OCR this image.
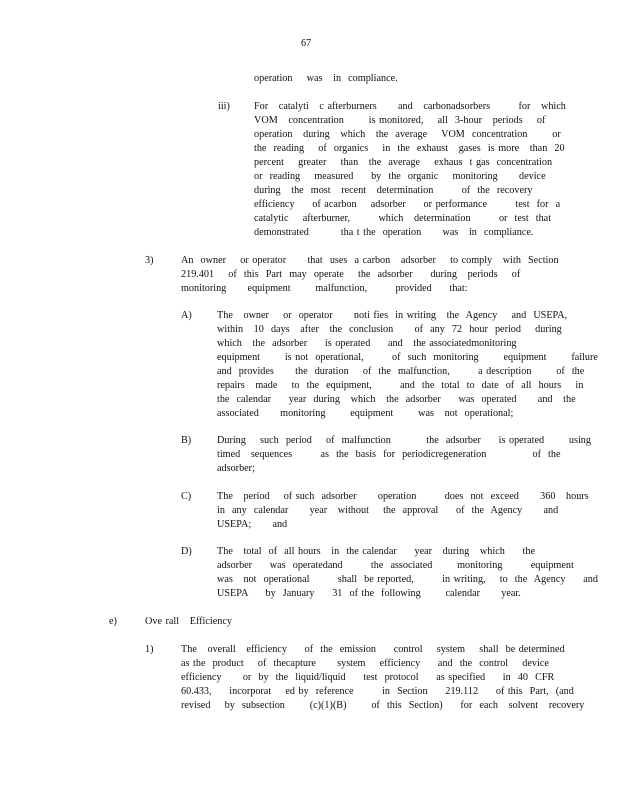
67
operation    was   in  compliance.
iii) For   catalyti   c afterburners      and   carbonadsorbers        for   which
VOM   concentration       is monitored,    all  3-hour   periods    of
operation   during   which   the  average    VOM  concentration       or
the  reading    of  organics    in  the  exhaust   gases  is more   than  20
percent    greater    than   the  average    exhaus  t gas  concentration
or  reading    measured     by  the  organic    monitoring      device
during   the  most   recent   determination        of  the  recovery
efficiency     of acarbon    adsorber     or performance        test  for  a
catalytic    afterburner,        which   determination        or  test  that
demonstrated         tha t the  operation      was   in  compliance.
3)	An  owner    or operator      that  uses  a carbon   adsorber    to comply   with  Section
219.401    of  this  Part  may  operate    the  adsorber     during   periods    of
monitoring      equipment       malfunction,        provided     that:
A) The   owner    or  operator      noti fies  in writing   the  Agency    and  USEPA,
within   10  days   after   the  conclusion      of  any  72  hour  period    during
which   the  adsorber     is operated     and   the associatedmonitoring
equipment       is not  operational,        of  such  monitoring       equipment       failure
and  provides      the  duration    of  the  malfunction,        a description       of  the
repairs   made    to  the  equipment,        and  the  total  to  date  of  all  hours    in
the  calendar     year  during   which   the  adsorber     was  operated      and   the
associated      monitoring       equipment       was   not  operational;
B)	During    such  period    of  malfunction          the  adsorber     is operated       using
timed   sequences        as  the  basis  for  periodicregeneration             of  the
adsorber;
C)	The   period    of such  adsorber      operation        does  not  exceed      360   hours
in  any  calendar      year   without    the  approval     of  the  Agency      and
USEPA;      and
D) The   total  of  all hours   in  the calendar     year   during   which     the
adsorber     was  operatedand        the  associated       monitoring        equipment
was   not  operational        shall  be reported,        in writing,    to  the  Agency     and
USEPA     by  January     31  of the  following       calendar      year.
e)	Ove rall   Efficiency
1)	The   overall   efficiency     of  the  emission     control    system    shall  be determined
as the  product    of  thecapture      system    efficiency     and  the  control    device
efficiency      or  by  the  liquid/liquid     test  protocol     as specified     in  40  CFR
60.433,     incorporat    ed by  reference        in  Section     219.112     of this  Part,  (and
revised    by  subsection       (c)(1)(B)       of  this  Section)     for  each   solvent   recovery
